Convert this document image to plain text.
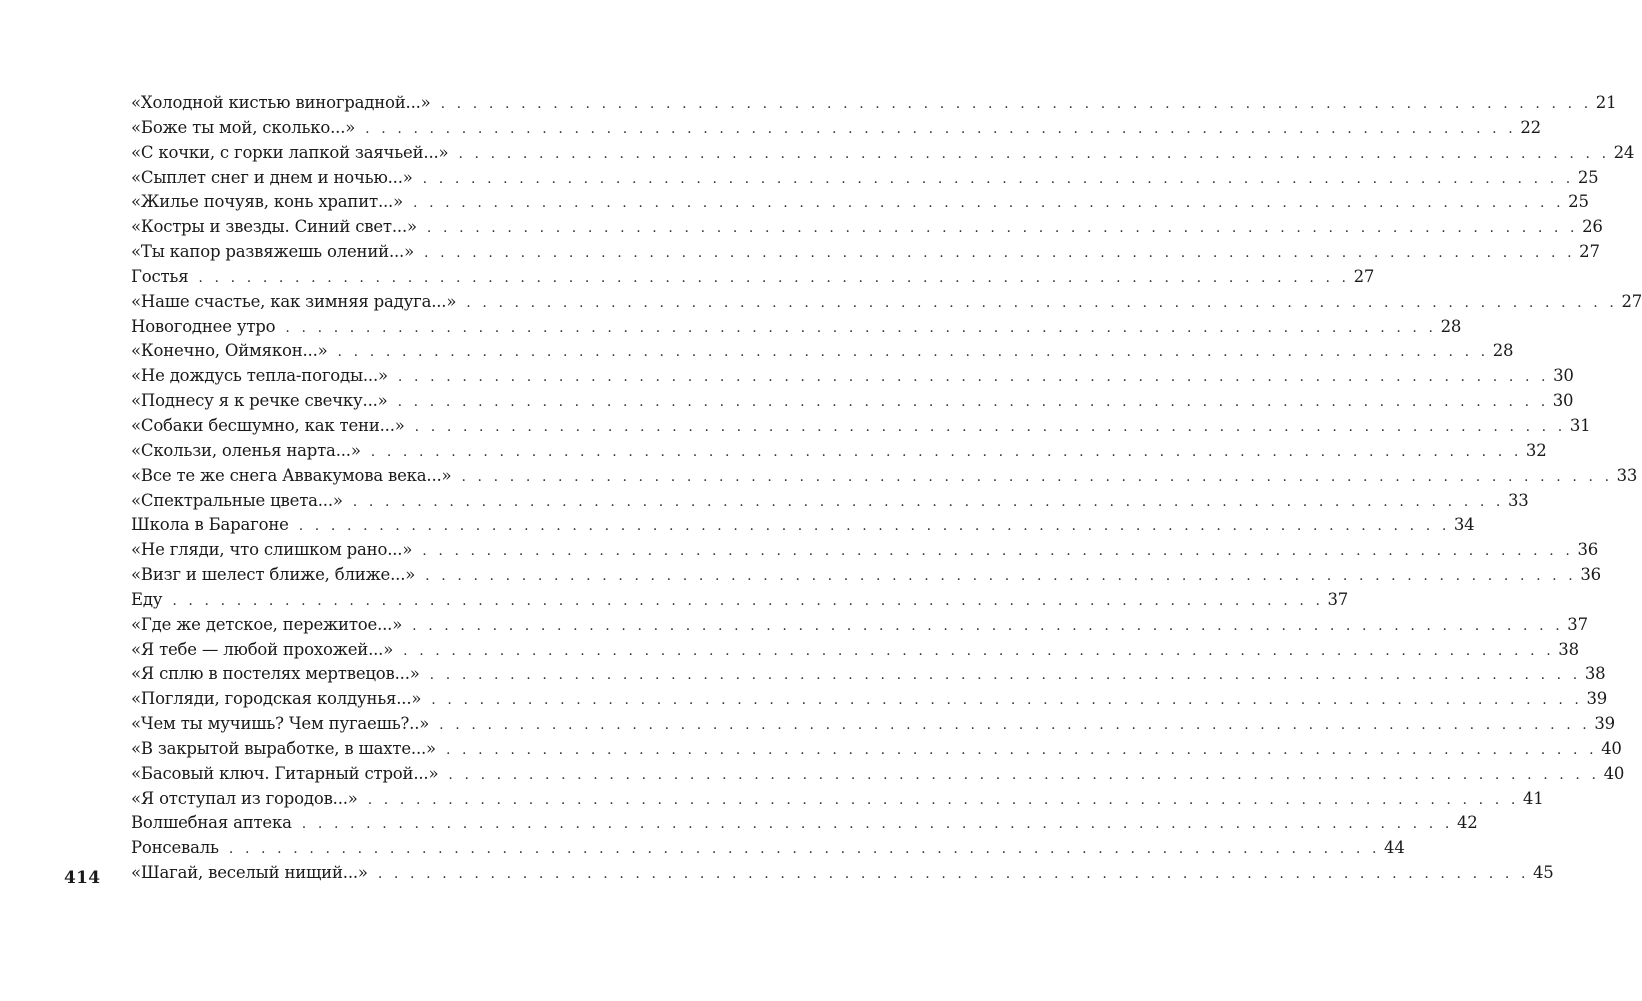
«Холодной кистью виноградной...» . . . . . . . . . . . . . . . . . . . . . . . . . . . . . . . . . . . . . . . . . . . . . . . . . . . . . . . . . . . . . . . . . . . . . . . . 21
«Боже ты мой, сколько...» . . . . . . . . . . . . . . . . . . . . . . . . . . . . . . . . . . . . . . . . . . . . . . . . . . . . . . . . . . . . . . . . . . . . . . . . 22
«С кочки, с горки лапкой заячьей...» . . . . . . . . . . . . . . . . . . . . . . . . . . . . . . . . . . . . . . . . . . . . . . . . . . . . . . . . . . . . . . . . . . . . . . . . 24
«Сыплет снег и днем и ночью...» . . . . . . . . . . . . . . . . . . . . . . . . . . . . . . . . . . . . . . . . . . . . . . . . . . . . . . . . . . . . . . . . . . . . . . . . 25
«Жилье почуяв, конь храпит...» . . . . . . . . . . . . . . . . . . . . . . . . . . . . . . . . . . . . . . . . . . . . . . . . . . . . . . . . . . . . . . . . . . . . . . . . 25
«Костры и звезды. Синий свет...» . . . . . . . . . . . . . . . . . . . . . . . . . . . . . . . . . . . . . . . . . . . . . . . . . . . . . . . . . . . . . . . . . . . . . . . . 26
«Ты капор развяжешь олений...» . . . . . . . . . . . . . . . . . . . . . . . . . . . . . . . . . . . . . . . . . . . . . . . . . . . . . . . . . . . . . . . . . . . . . . . . 27
Гостья . . . . . . . . . . . . . . . . . . . . . . . . . . . . . . . . . . . . . . . . . . . . . . . . . . . . . . . . . . . . . . . . . . . . . . . . 27
«Наше счастье, как зимняя радуга...» . . . . . . . . . . . . . . . . . . . . . . . . . . . . . . . . . . . . . . . . . . . . . . . . . . . . . . . . . . . . . . . . . . . . . . . . 27
Новогоднее утро . . . . . . . . . . . . . . . . . . . . . . . . . . . . . . . . . . . . . . . . . . . . . . . . . . . . . . . . . . . . . . . . . . . . . . . . 28
«Конечно, Оймякон...» . . . . . . . . . . . . . . . . . . . . . . . . . . . . . . . . . . . . . . . . . . . . . . . . . . . . . . . . . . . . . . . . . . . . . . . . 28
«Не дождусь тепла-погоды...» . . . . . . . . . . . . . . . . . . . . . . . . . . . . . . . . . . . . . . . . . . . . . . . . . . . . . . . . . . . . . . . . . . . . . . . . 30
«Поднесу я к речке свечку...» . . . . . . . . . . . . . . . . . . . . . . . . . . . . . . . . . . . . . . . . . . . . . . . . . . . . . . . . . . . . . . . . . . . . . . . . 30
«Собаки бесшумно, как тени...» . . . . . . . . . . . . . . . . . . . . . . . . . . . . . . . . . . . . . . . . . . . . . . . . . . . . . . . . . . . . . . . . . . . . . . . . 31
«Скользи, оленья нарта...» . . . . . . . . . . . . . . . . . . . . . . . . . . . . . . . . . . . . . . . . . . . . . . . . . . . . . . . . . . . . . . . . . . . . . . . . 32
«Все те же снега Аввакумова века...» . . . . . . . . . . . . . . . . . . . . . . . . . . . . . . . . . . . . . . . . . . . . . . . . . . . . . . . . . . . . . . . . . . . . . . . . 33
«Спектральные цвета...» . . . . . . . . . . . . . . . . . . . . . . . . . . . . . . . . . . . . . . . . . . . . . . . . . . . . . . . . . . . . . . . . . . . . . . . . 33
Школа в Барагоне . . . . . . . . . . . . . . . . . . . . . . . . . . . . . . . . . . . . . . . . . . . . . . . . . . . . . . . . . . . . . . . . . . . . . . . . 34
«Не гляди, что слишком рано...» . . . . . . . . . . . . . . . . . . . . . . . . . . . . . . . . . . . . . . . . . . . . . . . . . . . . . . . . . . . . . . . . . . . . . . . . 36
«Визг и шелест ближе, ближе...» . . . . . . . . . . . . . . . . . . . . . . . . . . . . . . . . . . . . . . . . . . . . . . . . . . . . . . . . . . . . . . . . . . . . . . . . 36
Еду . . . . . . . . . . . . . . . . . . . . . . . . . . . . . . . . . . . . . . . . . . . . . . . . . . . . . . . . . . . . . . . . . . . . . . . . 37
«Где же детское, пережитое...» . . . . . . . . . . . . . . . . . . . . . . . . . . . . . . . . . . . . . . . . . . . . . . . . . . . . . . . . . . . . . . . . . . . . . . . . 37
«Я тебе — любой прохожей...» . . . . . . . . . . . . . . . . . . . . . . . . . . . . . . . . . . . . . . . . . . . . . . . . . . . . . . . . . . . . . . . . . . . . . . . . 38
«Я сплю в постелях мертвецов...» . . . . . . . . . . . . . . . . . . . . . . . . . . . . . . . . . . . . . . . . . . . . . . . . . . . . . . . . . . . . . . . . . . . . . . . . 38
«Погляди, городская колдунья...» . . . . . . . . . . . . . . . . . . . . . . . . . . . . . . . . . . . . . . . . . . . . . . . . . . . . . . . . . . . . . . . . . . . . . . . . 39
«Чем ты мучишь? Чем пугаешь?..» . . . . . . . . . . . . . . . . . . . . . . . . . . . . . . . . . . . . . . . . . . . . . . . . . . . . . . . . . . . . . . . . . . . . . . . . 39
«В закрытой выработке, в шахте...» . . . . . . . . . . . . . . . . . . . . . . . . . . . . . . . . . . . . . . . . . . . . . . . . . . . . . . . . . . . . . . . . . . . . . . . . 40
«Басовый ключ. Гитарный строй...» . . . . . . . . . . . . . . . . . . . . . . . . . . . . . . . . . . . . . . . . . . . . . . . . . . . . . . . . . . . . . . . . . . . . . . . . 40
«Я отступал из городов...» . . . . . . . . . . . . . . . . . . . . . . . . . . . . . . . . . . . . . . . . . . . . . . . . . . . . . . . . . . . . . . . . . . . . . . . . 41
Волшебная аптека . . . . . . . . . . . . . . . . . . . . . . . . . . . . . . . . . . . . . . . . . . . . . . . . . . . . . . . . . . . . . . . . . . . . . . . . 42
Ронсеваль . . . . . . . . . . . . . . . . . . . . . . . . . . . . . . . . . . . . . . . . . . . . . . . . . . . . . . . . . . . . . . . . . . . . . . . . 44
«Шагай, веселый нищий...» . . . . . . . . . . . . . . . . . . . . . . . . . . . . . . . . . . . . . . . . . . . . . . . . . . . . . . . . . . . . . . . . . . . . . . . . 45
414
